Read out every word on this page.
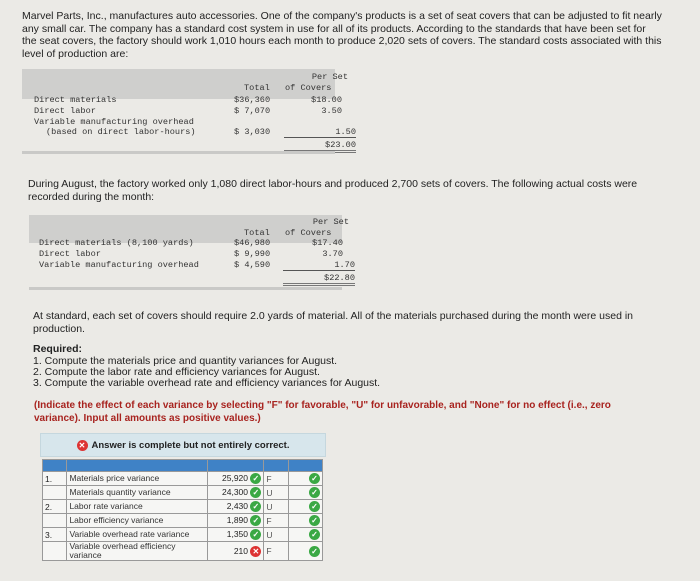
Marvel Parts, Inc., manufactures auto accessories. One of the company's products is a set of seat covers that can be adjusted to fit nearly any small car. The company has a standard cost system in use for all of its products. According to the standards that have been set for the seat covers, the factory should work 1,010 hours each month to produce 2,020 sets of covers. The standard costs associated with this level of production are:
Per Set
Total of Covers
Direct materials	$36,360	$18.00
Direct labor	$ 7,070	3.50
Variable manufacturing overhead
(based on direct labor-hours)	$ 3,030	1.50
$23.00
During August, the factory worked only 1,080 direct labor-hours and produced 2,700 sets of covers. The following actual costs were recorded during the month:
Per Set
Total of Covers
Direct materials (8,100 yards)	$46,980	$17.40
Direct labor	$ 9,990	3.70
Variable manufacturing overhead	$ 4,590	1.70
$22.80
At standard, each set of covers should require 2.0 yards of material. All of the materials purchased during the month were used in production.
Required:
1. Compute the materials price and quantity variances for August.
2. Compute the labor rate and efficiency variances for August.
3. Compute the variable overhead rate and efficiency variances for August.
(Indicate the effect of each variance by selecting "F" for favorable, "U" for unfavorable, and "None" for no effect (i.e., zero variance). Input all amounts as positive values.)
✕ Answer is complete but not entirely correct.

1.	Materials price variance	25,920 ✓	F	✓
	Materials quantity variance	24,300 ✓	U	✓
2.	Labor rate variance	2,430 ✓	U	✓
	Labor efficiency variance	1,890 ✓	F	✓
3.	Variable overhead rate variance	1,350 ✓	U	✓
	Variable overhead efficiency variance	210 ✕	F	✓
